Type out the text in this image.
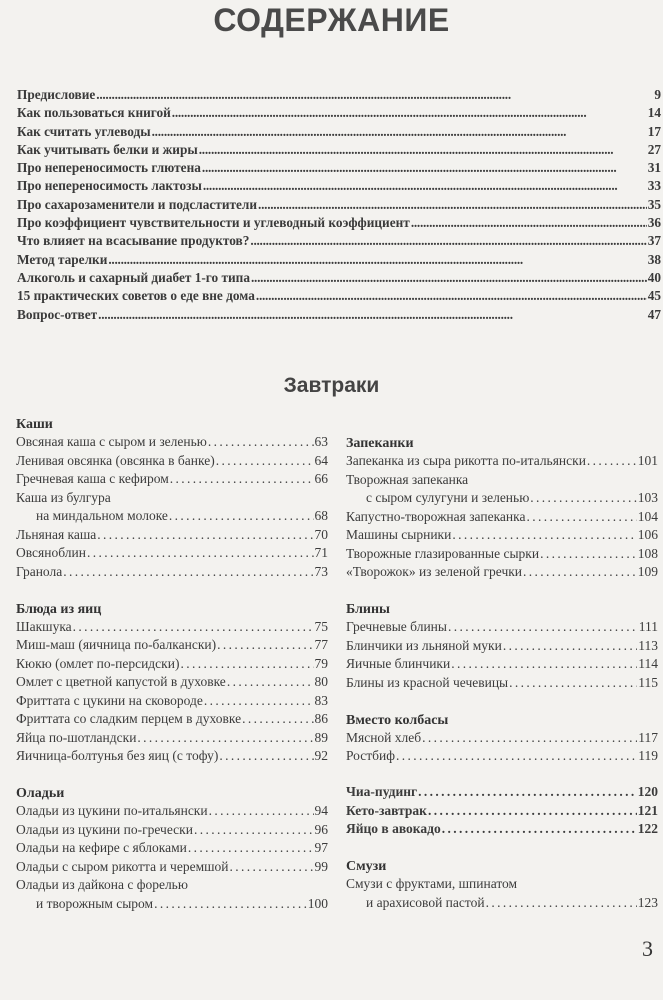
СОДЕРЖАНИЕ
Предисловие . . .	9
Как пользоваться книгой . . .	14
Как считать углеводы . . .	17
Как учитывать белки и жиры . . .	27
Про непереносимость глютена . . .	31
Про непереносимость лактозы . . .	33
Про сахарозаменители и подсластители . . .	35
Про коэффициент чувствительности и углеводный коэффициент . . .	36
Что влияет на всасывание продуктов? . . .	37
Метод тарелки . . .	38
Алкоголь и сахарный диабет 1-го типа . . .	40
15 практических советов о еде вне дома . . .	45
Вопрос-ответ . . .	47
Завтраки
Каши
Овсяная каша с сыром и зеленью . . .	63
Ленивая овсянка (овсянка в банке) . . .	64
Гречневая каша с кефиром . . .	66
Каша из булгура
на миндальном молоке . . .	68
Льняная каша . . .	70
Овсяноблин . . .	71
Гранола . . .	73
Блюда из яиц
Шакшука . . .	75
Миш-маш (яичница по-балкански) . . .	77
Кюкю (омлет по-персидски) . . .	79
Омлет с цветной капустой в духовке . . .	80
Фриттата с цукини на сковороде . . .	83
Фриттата со сладким перцем в духовке . . .	86
Яйца по-шотландски . . .	89
Яичница-болтунья без яиц (с тофу) . . .	92
Оладьи
Оладьи из цукини по-итальянски . . .	94
Оладьи из цукини по-гречески . . .	96
Оладьи на кефире с яблоками . . .	97
Оладьи с сыром рикотта и черемшой . . .	99
Оладьи из дайкона с форелью
и творожным сыром . . .	100
Запеканки
Запеканка из сыра рикотта по-итальянски . . .	101
Творожная запеканка
с сыром сулугуни и зеленью . . .	103
Капустно-творожная запеканка . . .	104
Машины сырники . . .	106
Творожные глазированные сырки . . .	108
«Творожок» из зеленой гречки . . .	109
Блины
Гречневые блины . . .	111
Блинчики из льняной муки . . .	113
Яичные блинчики . . .	114
Блины из красной чечевицы . . .	115
Вместо колбасы
Мясной хлеб . . .	117
Ростбиф . . .	119
Чиа-пудинг . . .	120
Кето-завтрак . . .	121
Яйцо в авокадо . . .	122
Смузи
Смузи с фруктами, шпинатом
и арахисовой пастой . . .	123
3
